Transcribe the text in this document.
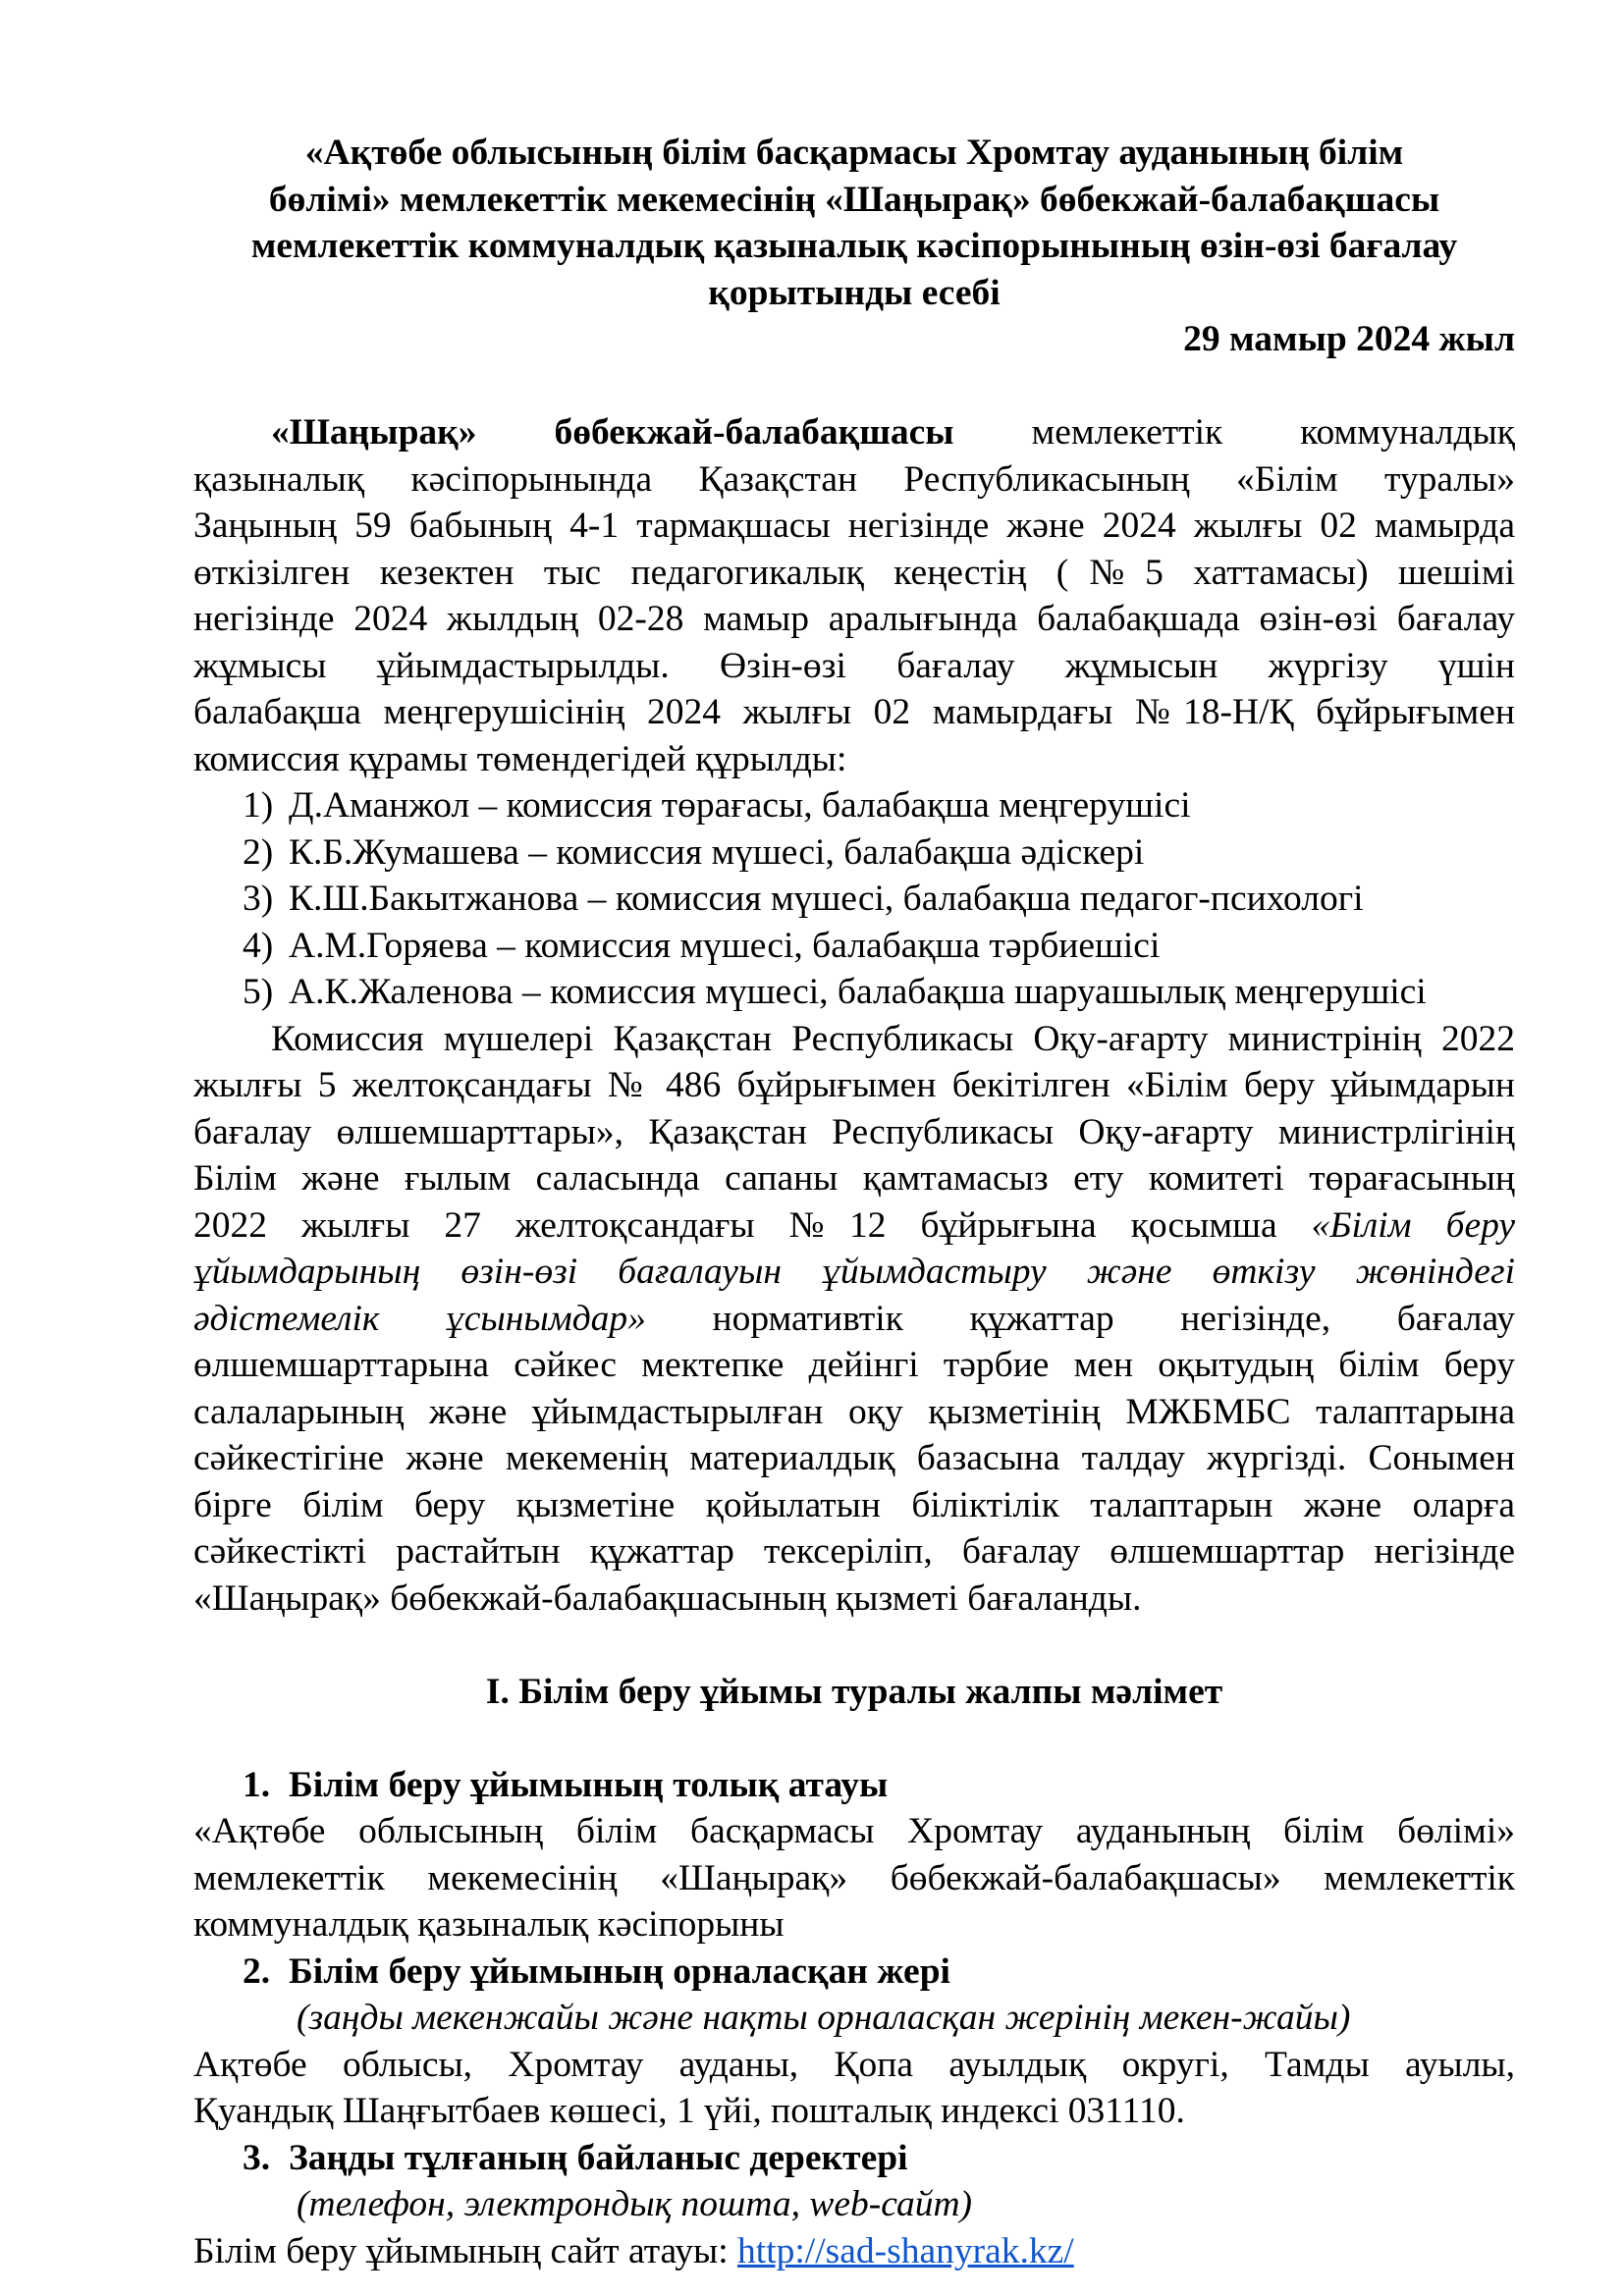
«Ақтөбе облысының білім басқармасы Хромтау ауданының білім
бөлімі» мемлекеттік мекемесінің «Шаңырақ» бөбекжай-балабақшасы
мемлекеттік коммуналдық қазыналық кәсіпорынының өзін-өзі бағалау
қорытынды есебі

29 мамыр 2024 жыл

«Шаңырақ» бөбекжай-балабақшасы мемлекеттік коммуналдық
қазыналық кәсіпорынында Қазақстан Республикасының «Білім туралы»
Заңының 59 бабының 4-1 тармақшасы негізінде және 2024 жылғы 02 мамырда
өткізілген кезектен тыс педагогикалық кеңестің (№5 хаттамасы) шешімі
негізінде 2024 жылдың 02-28 мамыр аралығында балабақшада өзін-өзі бағалау
жұмысы ұйымдастырылды. Өзін-өзі бағалау жұмысын жүргізу үшін
балабақша меңгерушісінің 2024 жылғы 02 мамырдағы №18-Н/Қ бұйрығымен
комиссия құрамы төмендегідей құрылды:
1) Д.Аманжол – комиссия төрағасы, балабақша меңгерушісі
2) К.Б.Жумашева – комиссия мүшесі, балабақша әдіскері
3) К.Ш.Бакытжанова – комиссия мүшесі, балабақша педагог-психологі
4) А.М.Горяева – комиссия мүшесі, балабақша тәрбиешісі
5) А.К.Жаленова – комиссия мүшесі, балабақша шаруашылық меңгерушісі
Комиссия мүшелері Қазақстан Республикасы Оқу-ағарту министрінің 2022
жылғы 5 желтоқсандағы № 486 бұйрығымен бекітілген «Білім беру ұйымдарын
бағалау өлшемшарттары», Қазақстан Республикасы Оқу-ағарту министрлігінің
Білім және ғылым саласында сапаны қамтамасыз ету комитеті төрағасының
2022 жылғы 27 желтоқсандағы №12 бұйрығына қосымша «Білім беру
ұйымдарының өзін-өзі бағалауын ұйымдастыру және өткізу жөніндегі
әдістемелік ұсынымдар» нормативтік құжаттар негізінде, бағалау
өлшемшарттарына сәйкес мектепке дейінгі тәрбие мен оқытудың білім беру
салаларының және ұйымдастырылған оқу қызметінің МЖБМБС талаптарына
сәйкестігіне және мекеменің материалдық базасына талдау жүргізді. Сонымен
бірге білім беру қызметіне қойылатын біліктілік талаптарын және оларға
сәйкестікті растайтын құжаттар тексеріліп, бағалау өлшемшарттар негізінде
«Шаңырақ» бөбекжай-балабақшасының қызметі бағаланды.

І. Білім беру ұйымы туралы жалпы мәлімет

1. Білім беру ұйымының толық атауы

«Ақтөбе облысының білім басқармасы Хромтау ауданының білім бөлімі»
мемлекеттік мекемесінің «Шаңырақ» бөбекжай-балабақшасы» мемлекеттік
коммуналдық қазыналық кәсіпорыны

2. Білім беру ұйымының орналасқан жері

(заңды мекенжайы және нақты орналасқан жерінің мекен-жайы)

Ақтөбе облысы, Хромтау ауданы, Қопа ауылдық округі, Тамды ауылы,
Қуандық Шаңғытбаев көшесі, 1 үйі, пошталық индексі 031110.

3. Заңды тұлғаның байланыс деректері

(телефон, электрондық пошта, web-сайт)

Білім беру ұйымының сайт атауы: http://sad-shanyrak.kz/
